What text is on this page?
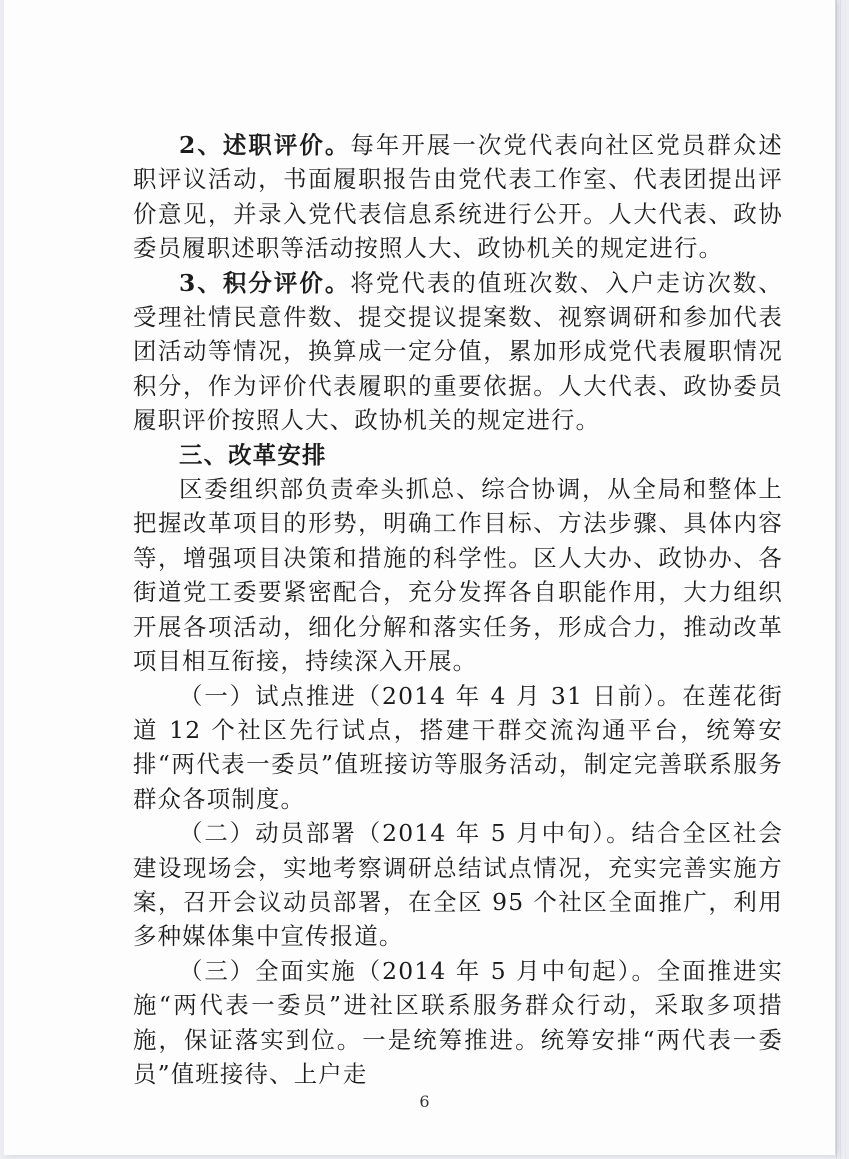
2、述职评价。每年开展一次党代表向社区党员群众述职评议活动，书面履职报告由党代表工作室、代表团提出评价意见，并录入党代表信息系统进行公开。人大代表、政协委员履职述职等活动按照人大、政协机关的规定进行。

3、积分评价。将党代表的值班次数、入户走访次数、受理社情民意件数、提交提议提案数、视察调研和参加代表团活动等情况，换算成一定分值，累加形成党代表履职情况积分，作为评价代表履职的重要依据。人大代表、政协委员履职评价按照人大、政协机关的规定进行。

三、改革安排

区委组织部负责牵头抓总、综合协调，从全局和整体上把握改革项目的形势，明确工作目标、方法步骤、具体内容等，增强项目决策和措施的科学性。区人大办、政协办、各街道党工委要紧密配合，充分发挥各自职能作用，大力组织开展各项活动，细化分解和落实任务，形成合力，推动改革项目相互衔接，持续深入开展。

（一）试点推进（2014 年 4 月 31 日前）。在莲花街道 12 个社区先行试点，搭建干群交流沟通平台，统筹安排“两代表一委员”值班接访等服务活动，制定完善联系服务群众各项制度。

（二）动员部署（2014 年 5 月中旬）。结合全区社会建设现场会，实地考察调研总结试点情况，充实完善实施方案，召开会议动员部署，在全区 95 个社区全面推广，利用多种媒体集中宣传报道。

（三）全面实施（2014 年 5 月中旬起）。全面推进实施“两代表一委员”进社区联系服务群众行动，采取多项措施，保证落实到位。一是统筹推进。统筹安排“两代表一委员”值班接待、上户走

6
